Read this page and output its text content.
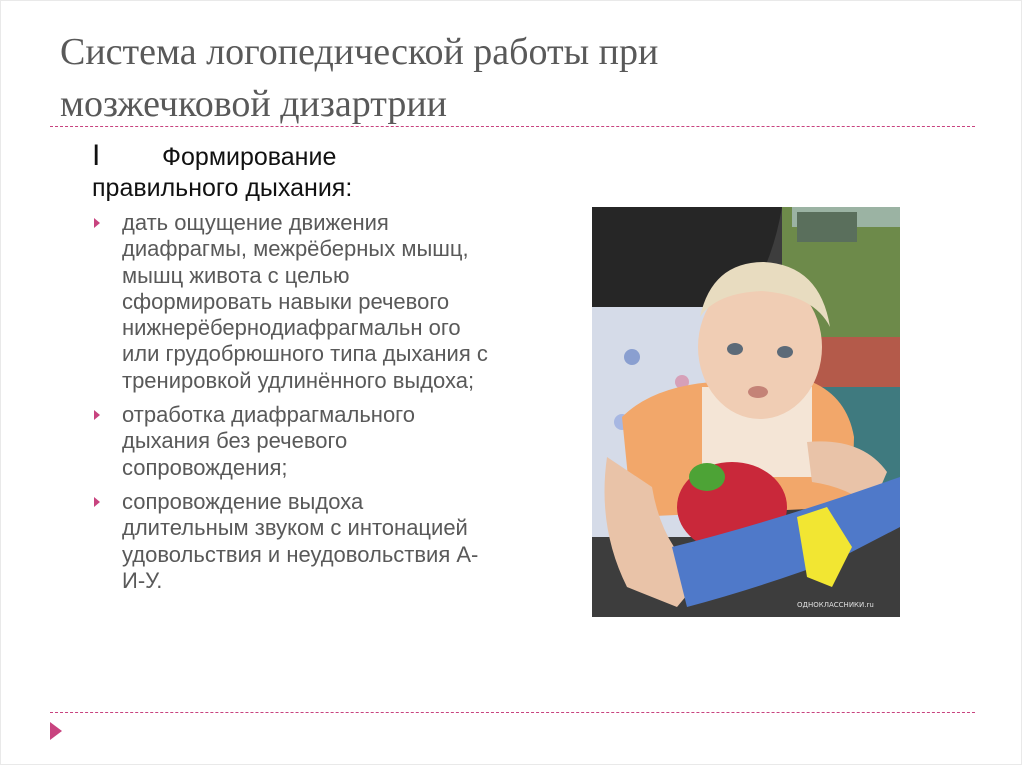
Система логопедической работы при
мозжечковой дизартрии
I Формирование
правильного дыхания:
дать ощущение движения диафрагмы, межрёберных мышц, мышц живота с целью сформировать навыки речевого нижнерёбернодиафрагмальн ого или грудобрюшного типа дыхания с тренировкой удлинённого выдоха;
отработка диафрагмального дыхания без речевого сопровождения;
сопровождение выдоха длительным звуком с интонацией удовольствия и неудовольствия А-И-У.
ОДНОКЛАССНИКИ.ru
